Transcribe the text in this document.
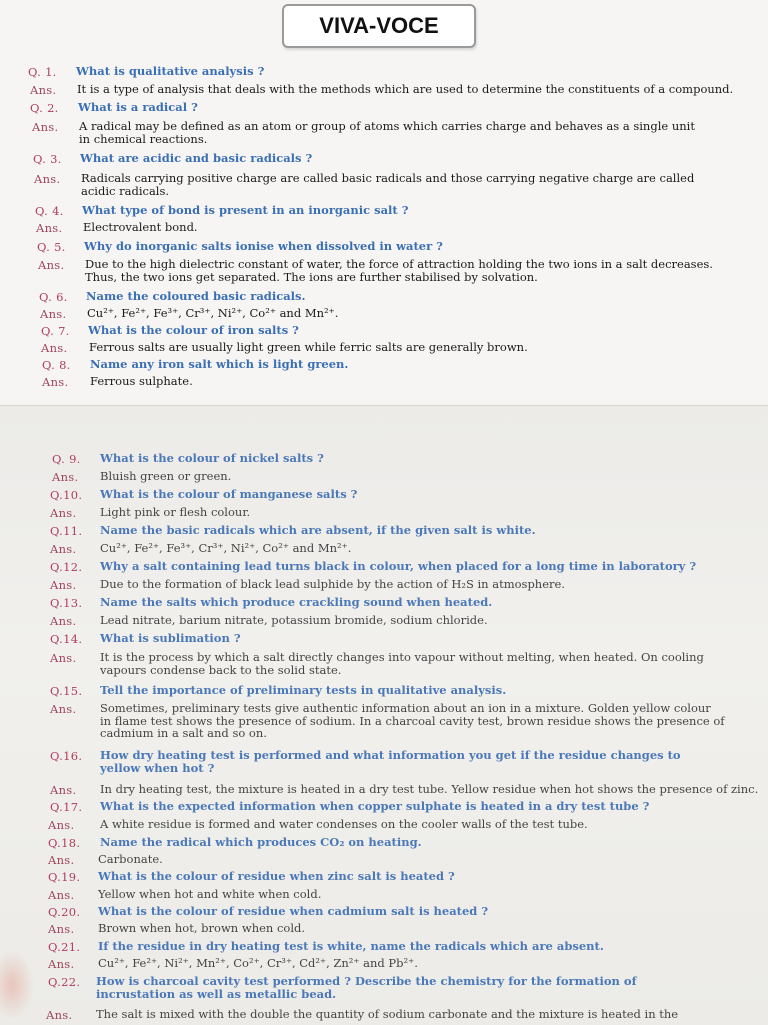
VIVA-VOCE
Q. 1. What is qualitative analysis ?
Ans. It is a type of analysis that deals with the methods which are used to determine the constituents of a compound.
Q. 2. What is a radical ?
Ans. A radical may be defined as an atom or group of atoms which carries charge and behaves as a single unit
in chemical reactions.
Q. 3. What are acidic and basic radicals ?
Ans. Radicals carrying positive charge are called basic radicals and those carrying negative charge are called
acidic radicals.
Q. 4. What type of bond is present in an inorganic salt ?
Ans. Electrovalent bond.
Q. 5. Why do inorganic salts ionise when dissolved in water ?
Ans. Due to the high dielectric constant of water, the force of attraction holding the two ions in a salt decreases.
Thus, the two ions get separated. The ions are further stabilised by solvation.
Q. 6. Name the coloured basic radicals.
Ans. Cu²⁺, Fe²⁺, Fe³⁺, Cr³⁺, Ni²⁺, Co²⁺ and Mn²⁺.
Q. 7. What is the colour of iron salts ?
Ans. Ferrous salts are usually light green while ferric salts are generally brown.
Q. 8. Name any iron salt which is light green.
Ans. Ferrous sulphate.
Q. 9. What is the colour of nickel salts ?
Ans. Bluish green or green.
Q.10. What is the colour of manganese salts ?
Ans. Light pink or flesh colour.
Q.11. Name the basic radicals which are absent, if the given salt is white.
Ans. Cu²⁺, Fe²⁺, Fe³⁺, Cr³⁺, Ni²⁺, Co²⁺ and Mn²⁺.
Q.12. Why a salt containing lead turns black in colour, when placed for a long time in laboratory ?
Ans. Due to the formation of black lead sulphide by the action of H₂S in atmosphere.
Q.13. Name the salts which produce crackling sound when heated.
Ans. Lead nitrate, barium nitrate, potassium bromide, sodium chloride.
Q.14. What is sublimation ?
Ans. It is the process by which a salt directly changes into vapour without melting, when heated. On cooling
vapours condense back to the solid state.
Q.15. Tell the importance of preliminary tests in qualitative analysis.
Ans. Sometimes, preliminary tests give authentic information about an ion in a mixture. Golden yellow colour
in flame test shows the presence of sodium. In a charcoal cavity test, brown residue shows the presence of
cadmium in a salt and so on.
Q.16. How dry heating test is performed and what information you get if the residue changes to
yellow when hot ?
Ans. In dry heating test, the mixture is heated in a dry test tube. Yellow residue when hot shows the presence of zinc.
Q.17. What is the expected information when copper sulphate is heated in a dry test tube ?
Ans. A white residue is formed and water condenses on the cooler walls of the test tube.
Q.18. Name the radical which produces CO₂ on heating.
Ans. Carbonate.
Q.19. What is the colour of residue when zinc salt is heated ?
Ans. Yellow when hot and white when cold.
Q.20. What is the colour of residue when cadmium salt is heated ?
Ans. Brown when hot, brown when cold.
Q.21. If the residue in dry heating test is white, name the radicals which are absent.
Ans. Cu²⁺, Fe²⁺, Ni²⁺, Mn²⁺, Co²⁺, Cr³⁺, Cd²⁺, Zn²⁺ and Pb²⁺.
Q.22. How is charcoal cavity test performed ? Describe the chemistry for the formation of
incrustation as well as metallic bead.
Ans. The salt is mixed with the double the quantity of sodium carbonate and the mixture is heated in the
